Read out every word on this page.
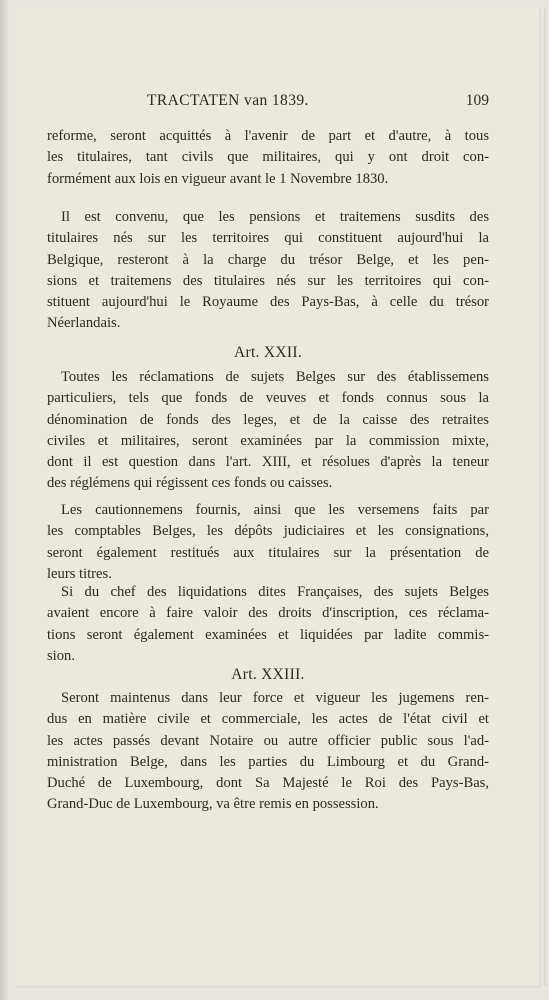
TRACTATEN van 1839.	109

reforme, seront acquittés à l'avenir de part et d'autre, à tous
les titulaires, tant civils que militaires, qui y ont droit con-
formément aux lois en vigueur avant le 1 Novembre 1830.

Il est convenu, que les pensions et traitemens susdits des
titulaires nés sur les territoires qui constituent aujourd'hui la
Belgique, resteront à la charge du trésor Belge, et les pen-
sions et traitemens des titulaires nés sur les territoires qui con-
stituent aujourd'hui le Royaume des Pays-Bas, à celle du trésor
Néerlandais.

Art. XXII.

Toutes les réclamations de sujets Belges sur des établissemens
particuliers, tels que fonds de veuves et fonds connus sous la
dénomination de fonds des leges, et de la caisse des retraites
civiles et militaires, seront examinées par la commission mixte,
dont il est question dans l'art. XIII, et résolues d'après la teneur
des réglémens qui régissent ces fonds ou caisses.

Les cautionnemens fournis, ainsi que les versemens faits par
les comptables Belges, les dépôts judiciaires et les consignations,
seront également restitués aux titulaires sur la présentation de
leurs titres.

Si du chef des liquidations dites Françaises, des sujets Belges
avaient encore à faire valoir des droits d'inscription, ces réclama-
tions seront également examinées et liquidées par ladite commis-
sion.

Art. XXIII.

Seront maintenus dans leur force et vigueur les jugemens ren-
dus en matière civile et commerciale, les actes de l'état civil et
les actes passés devant Notaire ou autre officier public sous l'ad-
ministration Belge, dans les parties du Limbourg et du Grand-
Duché de Luxembourg, dont Sa Majesté le Roi des Pays-Bas,
Grand-Duc de Luxembourg, va être remis en possession.
